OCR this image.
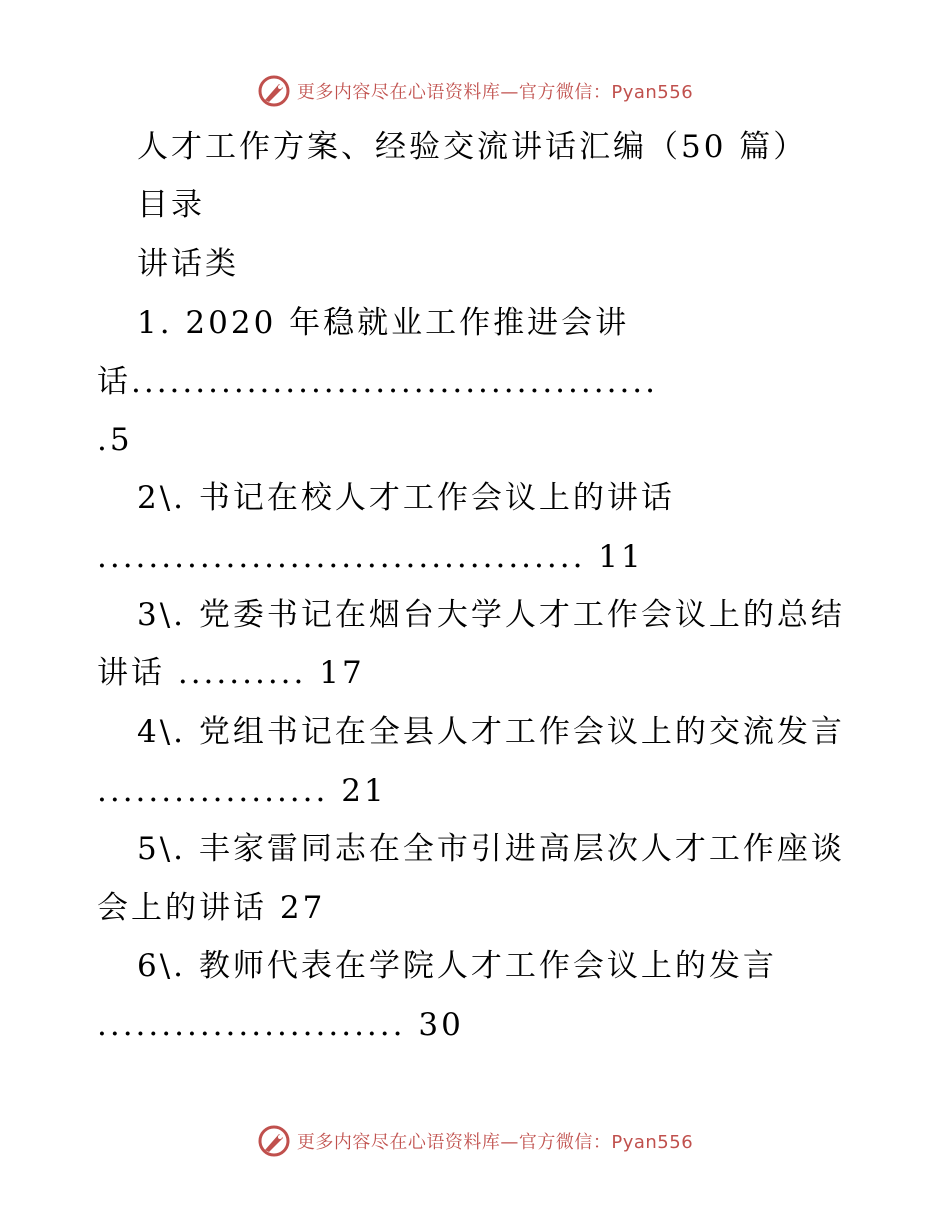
更多内容尽在心语资料库—官方微信：Pyan556
人才工作方案、经验交流讲话汇编（50 篇）
目录
讲话类
1. 2020 年稳就业工作推进会讲
话.........................................
.5
2\. 书记在校人才工作会议上的讲话
...................................... 11
3\. 党委书记在烟台大学人才工作会议上的总结
讲话 .......... 17
4\. 党组书记在全县人才工作会议上的交流发言
.................. 21
5\. 丰家雷同志在全市引进高层次人才工作座谈
会上的讲话 27
6\. 教师代表在学院人才工作会议上的发言
........................ 30
更多内容尽在心语资料库—官方微信：Pyan556
